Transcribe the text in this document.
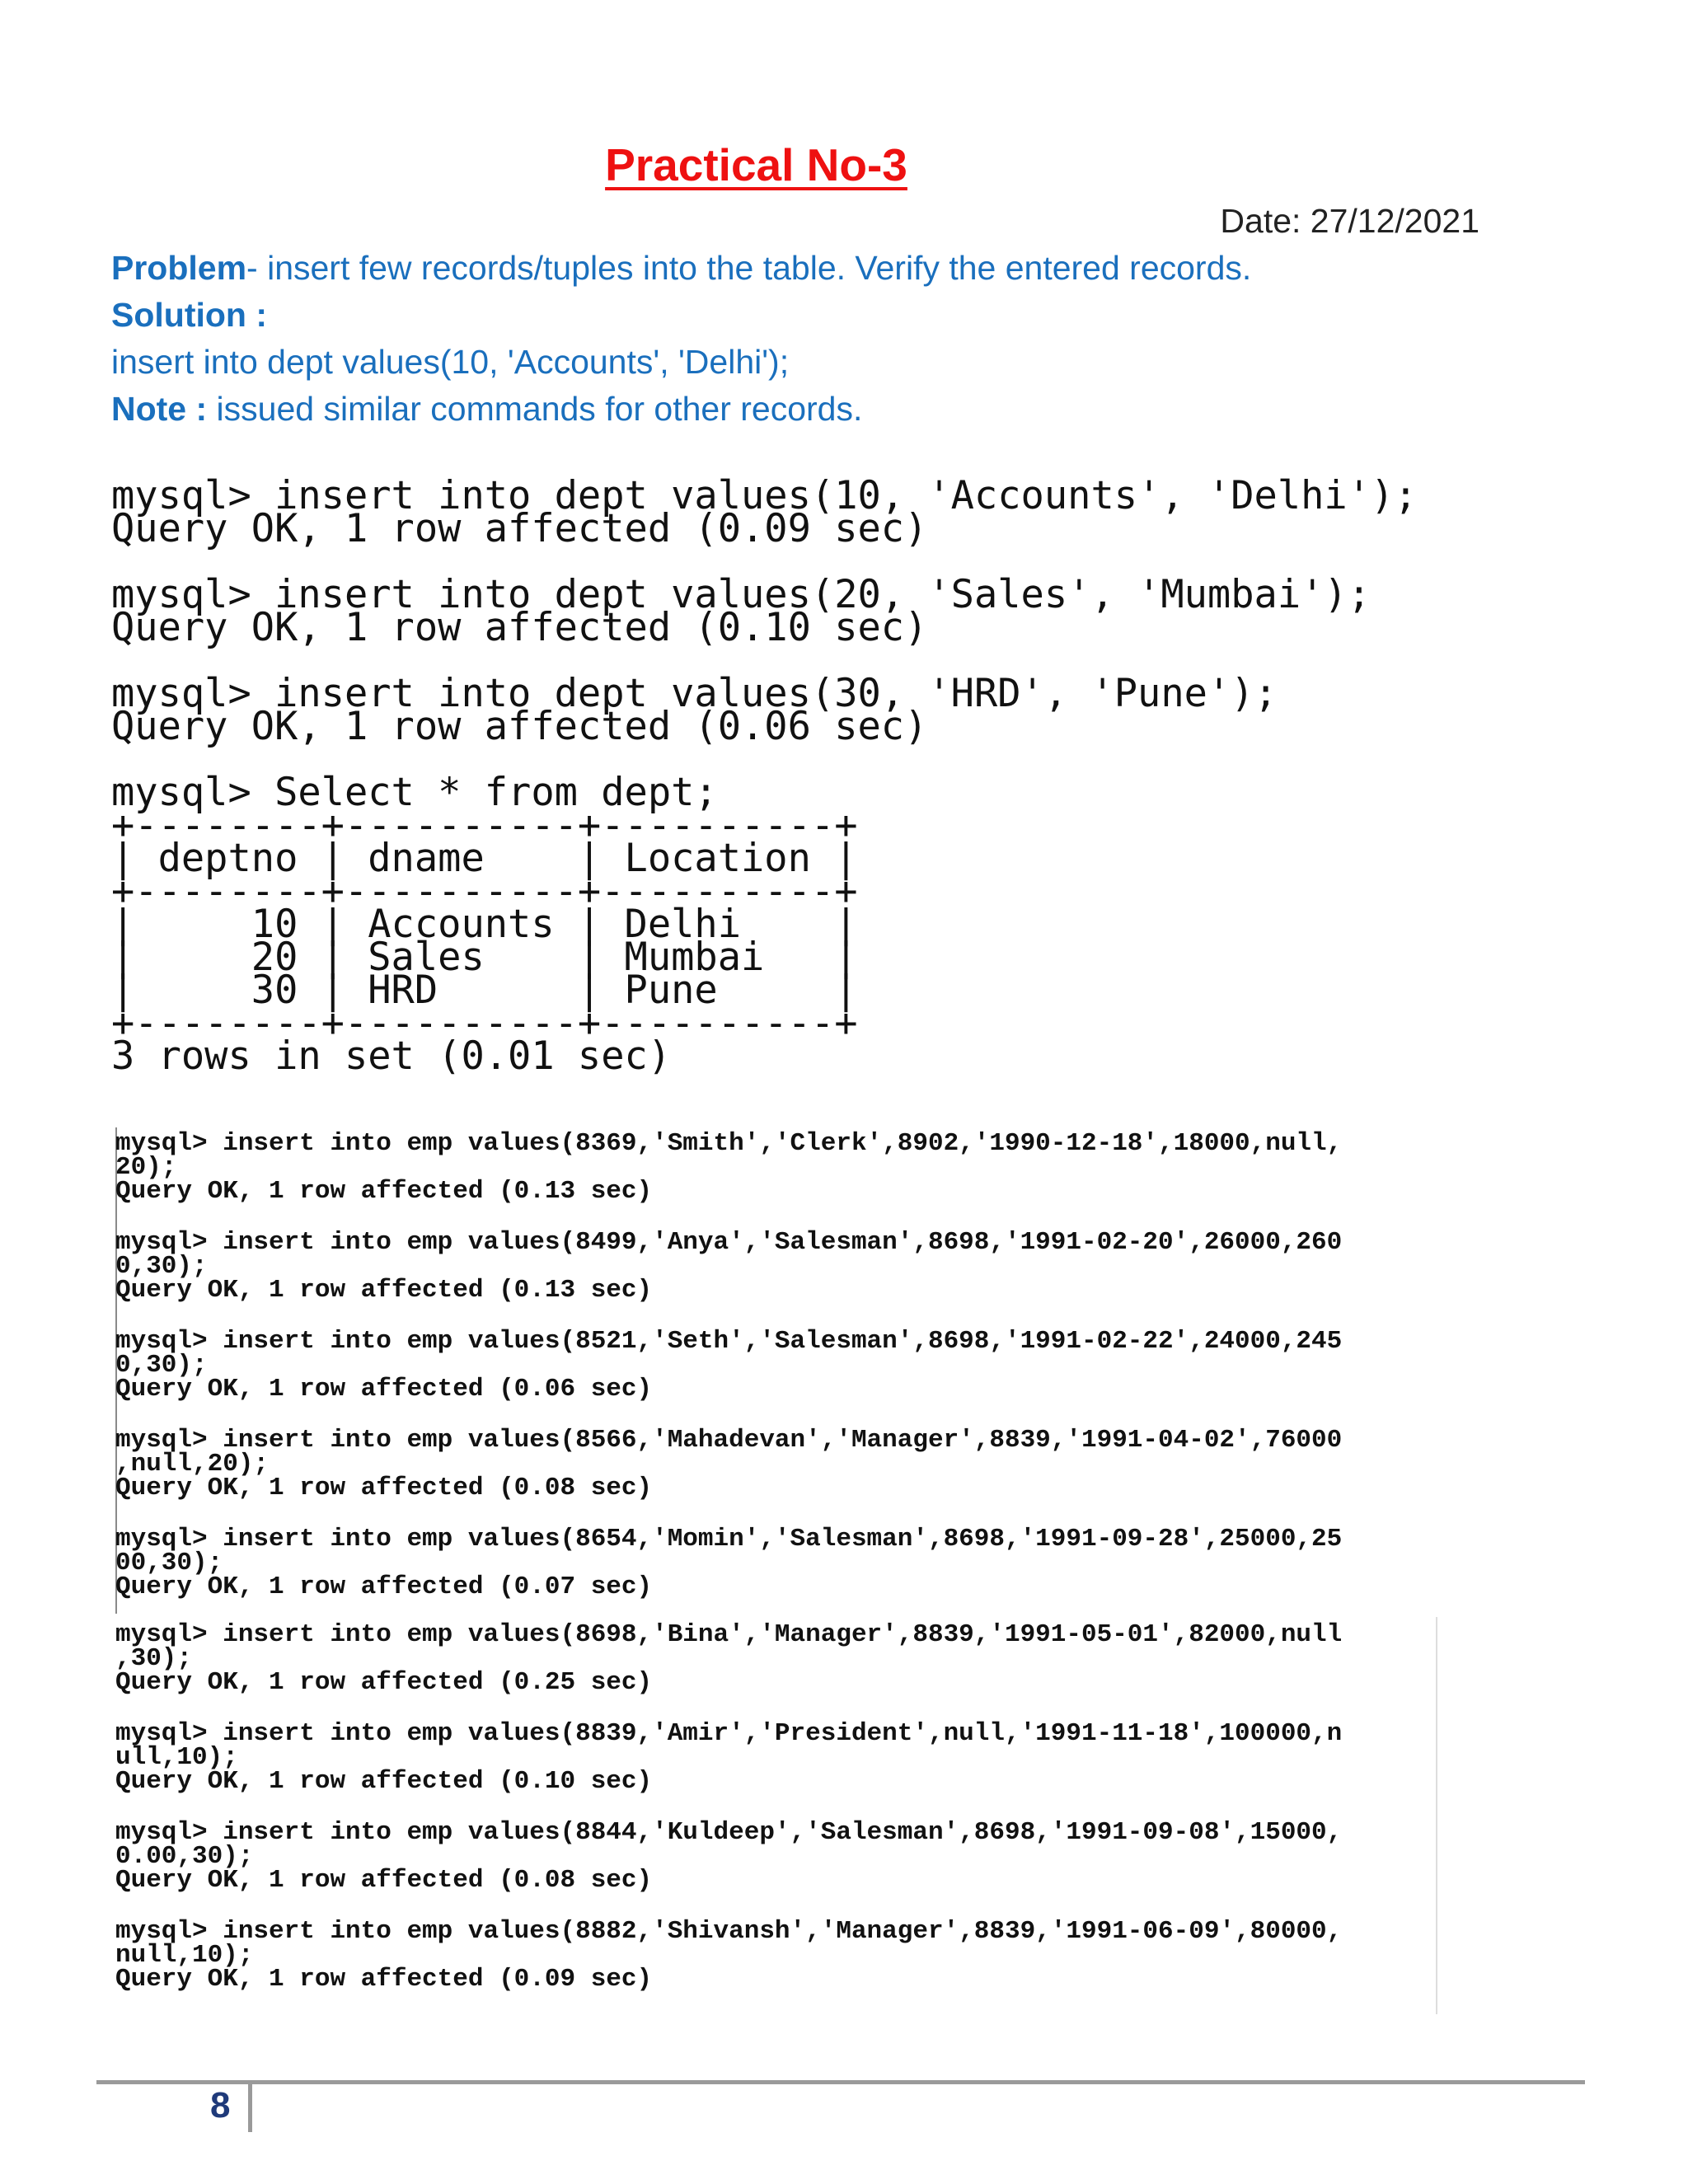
Practical No-3
Date: 27/12/2021
Problem- insert few records/tuples into the table. Verify the entered records.
Solution :
insert into dept values(10, 'Accounts', 'Delhi');
Note : issued similar commands for other records.
mysql> insert into dept values(10, 'Accounts', 'Delhi');
Query OK, 1 row affected (0.09 sec)
mysql> insert into dept values(20, 'Sales', 'Mumbai');
Query OK, 1 row affected (0.10 sec)
mysql> insert into dept values(30, 'HRD', 'Pune');
Query OK, 1 row affected (0.06 sec)
mysql> Select * from dept;
+--------+----------+----------+
| deptno | dname    | Location |
+--------+----------+----------+
|     10 | Accounts | Delhi    |
|     20 | Sales    | Mumbai   |
|     30 | HRD      | Pune     |
+--------+----------+----------+
3 rows in set (0.01 sec)
mysql> insert into emp values(8369,'Smith','Clerk',8902,'1990-12-18',18000,null,
20);
Query OK, 1 row affected (0.13 sec)
mysql> insert into emp values(8499,'Anya','Salesman',8698,'1991-02-20',26000,260
0,30);
Query OK, 1 row affected (0.13 sec)
mysql> insert into emp values(8521,'Seth','Salesman',8698,'1991-02-22',24000,245
0,30);
Query OK, 1 row affected (0.06 sec)
mysql> insert into emp values(8566,'Mahadevan','Manager',8839,'1991-04-02',76000
,null,20);
Query OK, 1 row affected (0.08 sec)
mysql> insert into emp values(8654,'Momin','Salesman',8698,'1991-09-28',25000,25
00,30);
Query OK, 1 row affected (0.07 sec)
mysql> insert into emp values(8698,'Bina','Manager',8839,'1991-05-01',82000,null
,30);
Query OK, 1 row affected (0.25 sec)
mysql> insert into emp values(8839,'Amir','President',null,'1991-11-18',100000,n
ull,10);
Query OK, 1 row affected (0.10 sec)
mysql> insert into emp values(8844,'Kuldeep','Salesman',8698,'1991-09-08',15000,
0.00,30);
Query OK, 1 row affected (0.08 sec)
mysql> insert into emp values(8882,'Shivansh','Manager',8839,'1991-06-09',80000,
null,10);
Query OK, 1 row affected (0.09 sec)
8
